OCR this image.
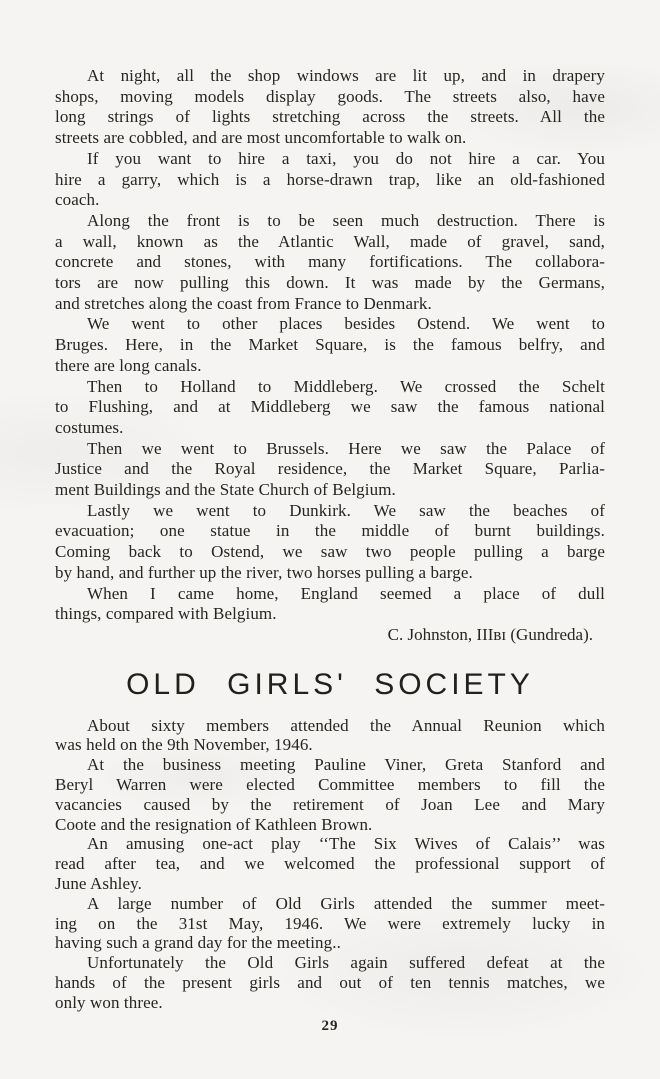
At night, all the shop windows are lit up, and in drapery
shops, moving models display goods. The streets also, have
long strings of lights stretching across the streets. All the
streets are cobbled, and are most uncomfortable to walk on.
If you want to hire a taxi, you do not hire a car. You
hire a garry, which is a horse-drawn trap, like an old-fashioned
coach.
Along the front is to be seen much destruction. There is
a wall, known as the Atlantic Wall, made of gravel, sand,
concrete and stones, with many fortifications. The collabora-
tors are now pulling this down. It was made by the Germans,
and stretches along the coast from France to Denmark.
We went to other places besides Ostend. We went to
Bruges. Here, in the Market Square, is the famous belfry, and
there are long canals.
Then to Holland to Middleberg. We crossed the Schelt
to Flushing, and at Middleberg we saw the famous national
costumes.
Then we went to Brussels. Here we saw the Palace of
Justice and the Royal residence, the Market Square, Parlia-
ment Buildings and the State Church of Belgium.
Lastly we went to Dunkirk. We saw the beaches of
evacuation; one statue in the middle of burnt buildings.
Coming back to Ostend, we saw two people pulling a barge
by hand, and further up the river, two horses pulling a barge.
When I came home, England seemed a place of dull
things, compared with Belgium.
C. Johnston, IIIʙɪ (Gundreda).
OLD GIRLS' SOCIETY
About sixty members attended the Annual Reunion which
was held on the 9th November, 1946.
At the business meeting Pauline Viner, Greta Stanford and
Beryl Warren were elected Committee members to fill the
vacancies caused by the retirement of Joan Lee and Mary
Coote and the resignation of Kathleen Brown.
An amusing one-act play ‘‘The Six Wives of Calais’’ was
read after tea, and we welcomed the professional support of
June Ashley.
A large number of Old Girls attended the summer meet-
ing on the 31st May, 1946. We were extremely lucky in
having such a grand day for the meeting..
Unfortunately the Old Girls again suffered defeat at the
hands of the present girls and out of ten tennis matches, we
only won three.
29
